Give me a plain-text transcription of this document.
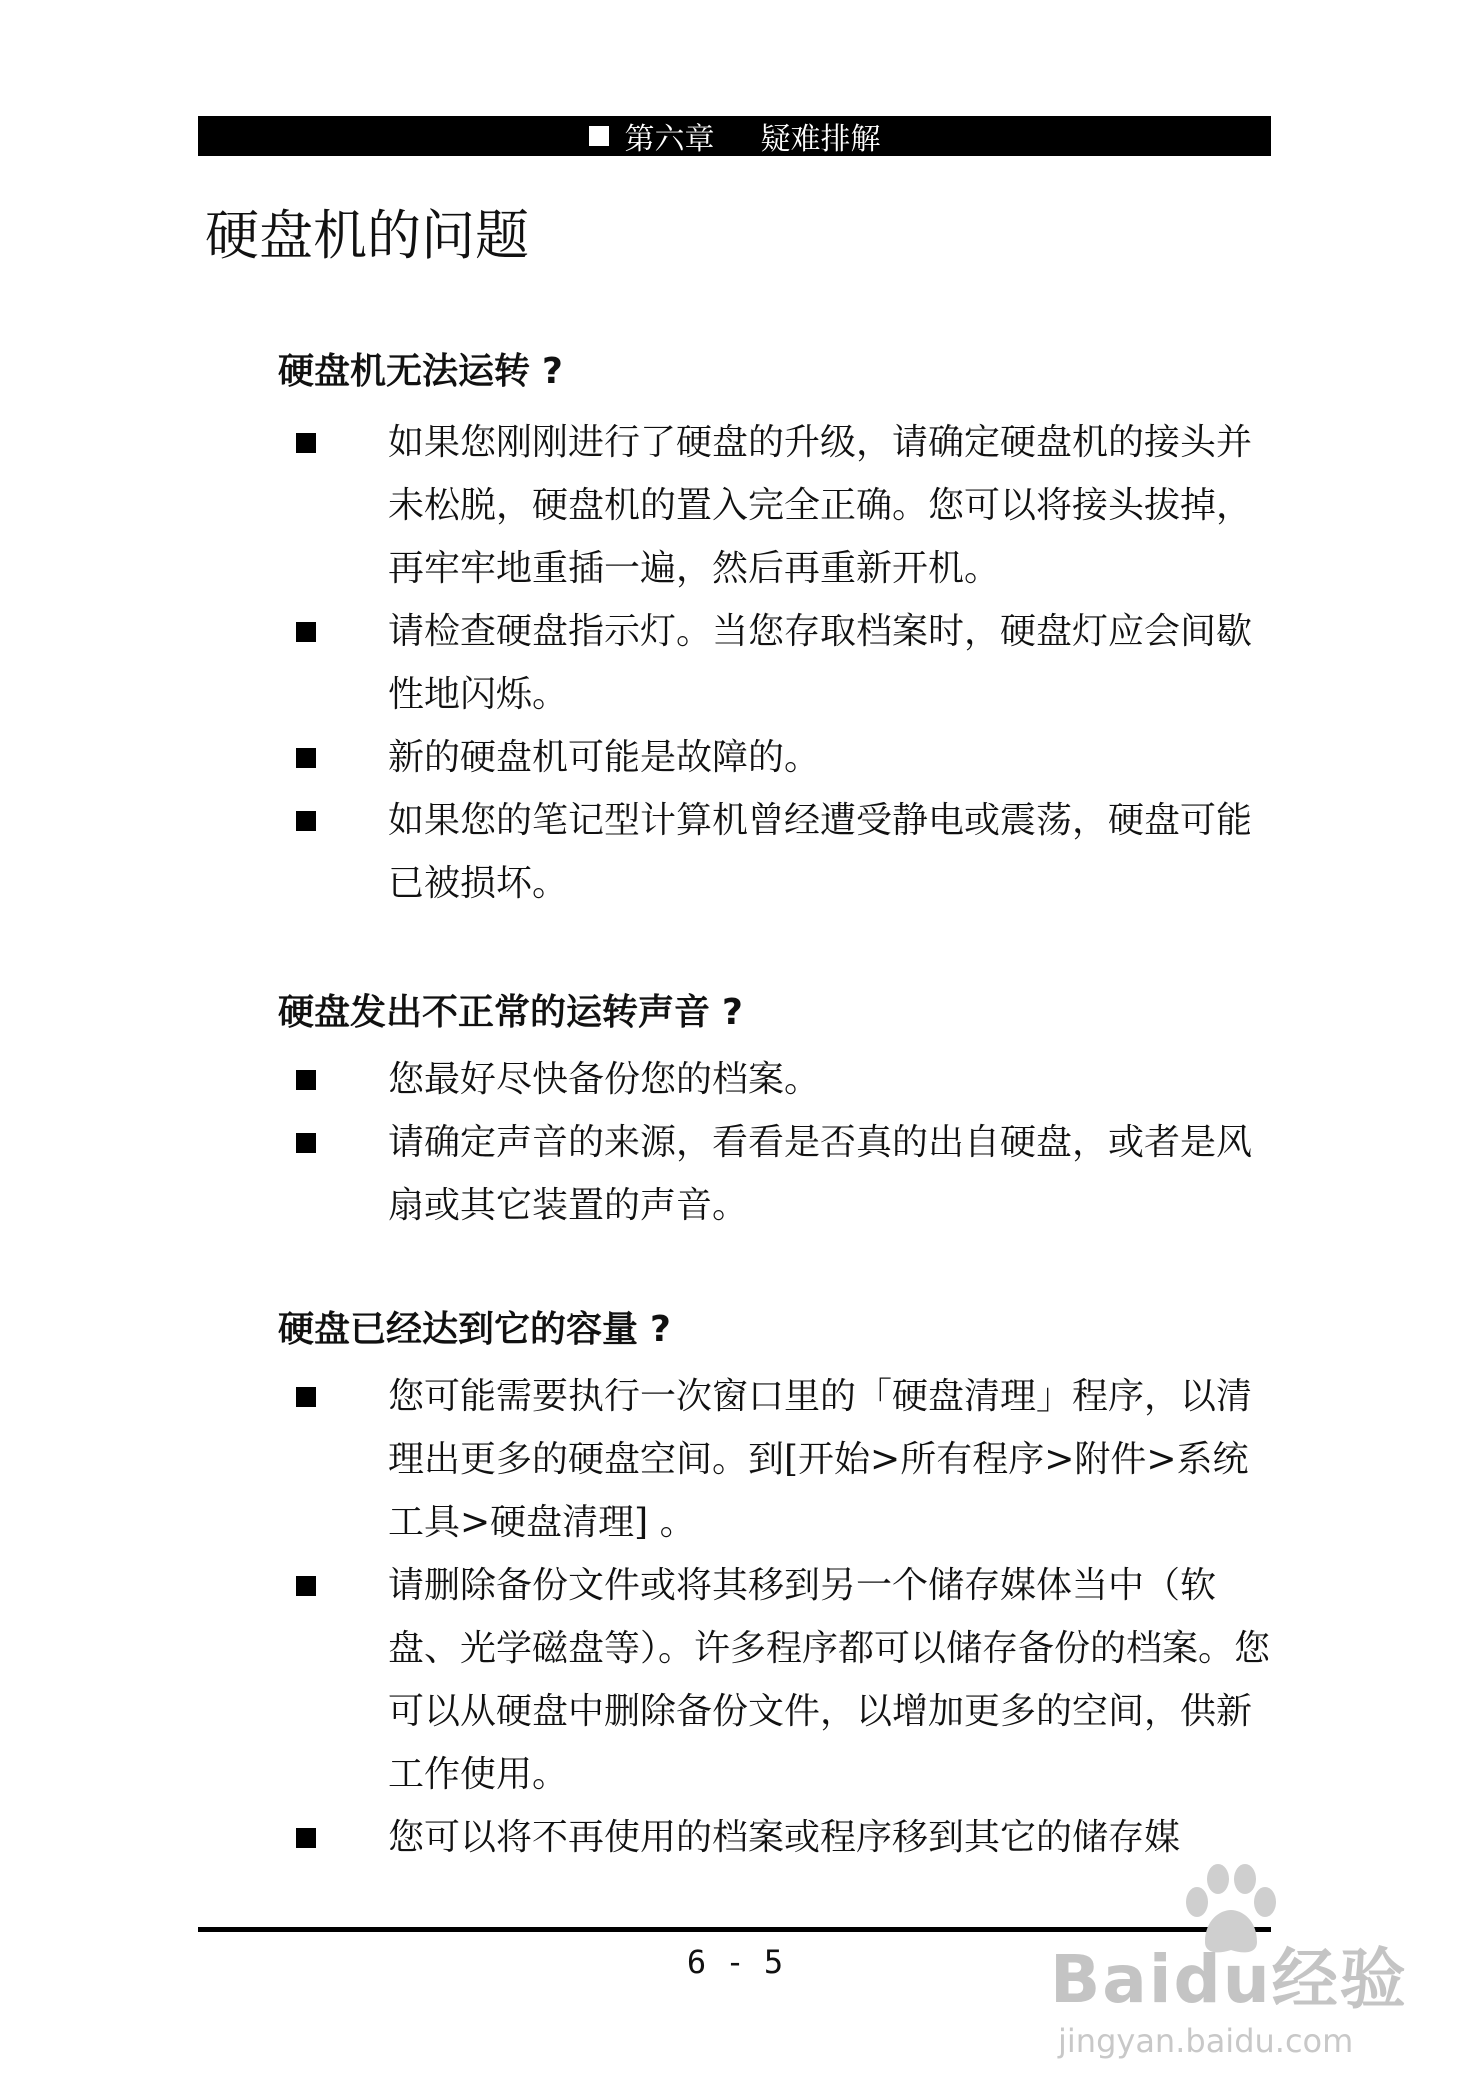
第六章 疑难排解
硬盘机的问题
硬盘机无法运转 ?
如果您刚刚进行了硬盘的升级，请确定硬盘机的接头并未松脱，硬盘机的置入完全正确。您可以将接头拔掉，再牢牢地重插一遍，然后再重新开机。
请检查硬盘指示灯。当您存取档案时，硬盘灯应会间歇性地闪烁。
新的硬盘机可能是故障的。
如果您的笔记型计算机曾经遭受静电或震荡，硬盘可能已被损坏。
硬盘发出不正常的运转声音 ?
您最好尽快备份您的档案。
请确定声音的来源，看看是否真的出自硬盘，或者是风扇或其它装置的声音。
硬盘已经达到它的容量 ?
您可能需要执行一次窗口里的「硬盘清理」程序，以清理出更多的硬盘空间。到[开始>所有程序>附件>系统工具>硬盘清理] 。
请删除备份文件或将其移到另一个储存媒体当中（软盘、光学磁盘等）。许多程序都可以储存备份的档案。您可以从硬盘中删除备份文件，以增加更多的空间，供新工作使用。
您可以将不再使用的档案或程序移到其它的储存媒
6 - 5	Baidu经验
jingyan.baidu.com
